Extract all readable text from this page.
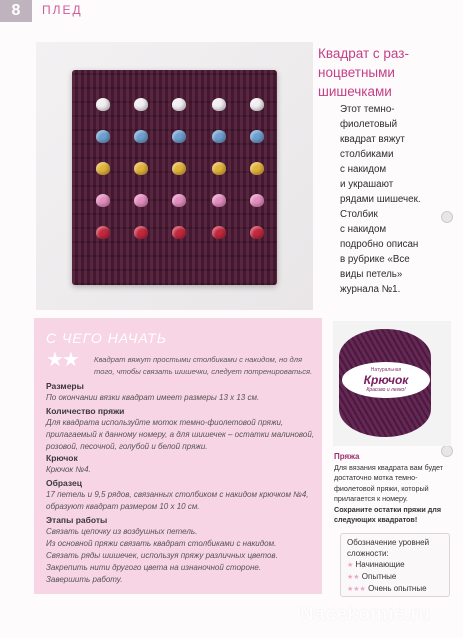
8	ПЛЕД
Квадрат с раз-
ноцветными
шишечками
Этот темно-
фиолетовый
квадрат вяжут
столбиками
с накидом
и украшают
рядами шишечек.
Столбик
с накидом
подробно описан
в рубрике «Все
виды петель»
журнала №1.
С ЧЕГО НАЧАТЬ
★★ Квадрат вяжут простыми столбиками с накидом, но для
того, чтобы связать шишечки, следует потренироваться.
Размеры
По окончании вязки квадрат имеет размеры 13 х 13 см.
Количество пряжи
Для квадрата используйте моток темно-фиолетовой пряжи,
прилагаемый к данному номеру, а для шишечек – остатки малиновой,
розовой, песочной, голубой и белой пряжи.
Крючок
Крючок №4.
Образец
17 петель и 9,5 рядов, связанных столбиком с накидом крючком №4,
образуют квадрат размером 10 х 10 см.
Этапы работы
Связать цепочку из воздушных петель.
Из основной пряжи связать квадрат столбиками с накидом.
Связать ряды шишечек, используя пряжу различных цветов.
Закрепить нити другого цвета на изнаночной стороне.
Завершить работу.
Натуральная
Крючок
Красиво и легко!
Пряжа
Для вязания квадрата вам будет
достаточно мотка темно-
фиолетовой пряжи, который
прилагается к номеру.
Сохраните остатки пряжи для
следующих квадратов!
Обозначение уровней
сложности:
★ Начинающие
★★ Опытные
★★★ Очень опытные
Nacekomie.ru
